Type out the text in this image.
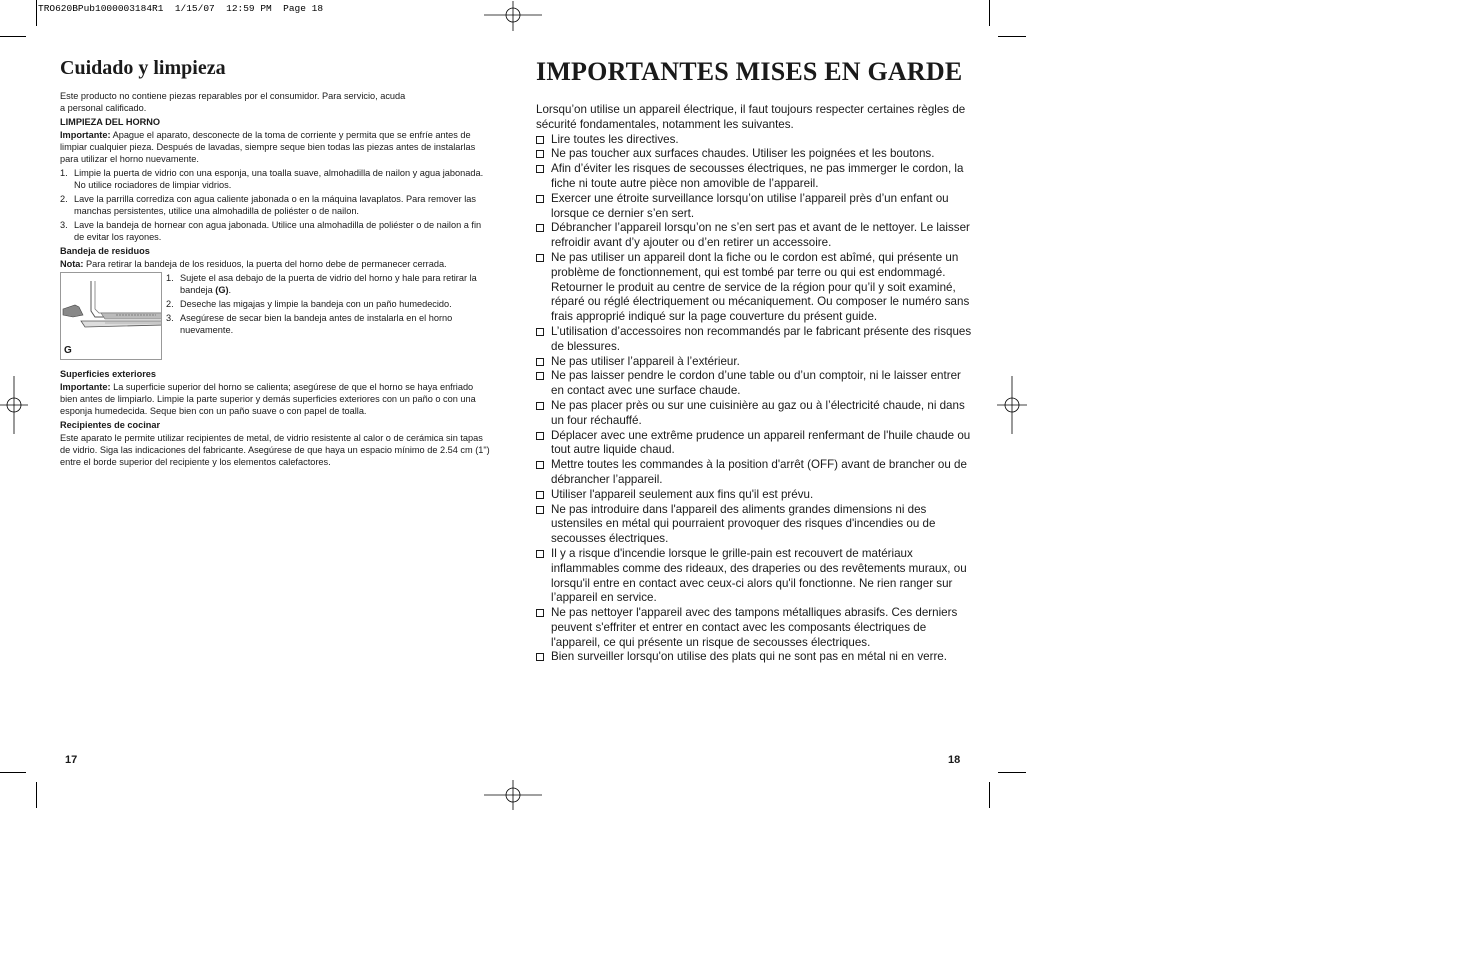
TRO620BPub1000003184R1  1/15/07  12:59 PM  Page 18
Cuidado y limpieza

Este producto no contiene piezas reparables por el consumidor. Para servicio, acuda
a personal calificado.

LIMPIEZA DEL HORNO

Importante: Apague el aparato, desconecte de la toma de corriente y permita que se enfríe antes de limpiar cualquier pieza. Después de lavadas, siempre seque bien todas las piezas antes de instalarlas para utilizar el horno nuevamente.

1. Limpie la puerta de vidrio con una esponja, una toalla suave, almohadilla de nailon y agua jabonada. No utilice rociadores de limpiar vidrios.
2. Lave la parrilla corrediza con agua caliente jabonada o en la máquina lavaplatos. Para remover las manchas persistentes, utilice una almohadilla de poliéster o de nailon.
3. Lave la bandeja de hornear con agua jabonada. Utilice una almohadilla de poliéster o de nailon a fin de evitar los rayones.

Bandeja de residuos

Nota: Para retirar la bandeja de los residuos, la puerta del horno debe de permanecer cerrada.

G
1. Sujete el asa debajo de la puerta de vidrio del horno y hale para retirar la bandeja (G).
2. Deseche las migajas y limpie la bandeja con un paño humedecido.
3. Asegúrese de secar bien la bandeja antes de instalarla en el horno nuevamente.

Superficies exteriores

Importante: La superficie superior del horno se calienta; asegúrese de que el horno se haya enfriado bien antes de limpiarlo. Limpie la parte superior y demás superficies exteriores con un paño o con una esponja humedecida. Seque bien con un paño suave o con papel de toalla.

Recipientes de cocinar

Este aparato le permite utilizar recipientes de metal, de vidrio resistente al calor o de cerámica sin tapas de vidrio. Siga las indicaciones del fabricante. Asegúrese de que haya un espacio mínimo de 2.54 cm (1") entre el borde superior del recipiente y los elementos calefactores.

IMPORTANTES MISES EN GARDE

Lorsqu’on utilise un appareil électrique, il faut toujours respecter certaines règles de sécurité fondamentales, notamment les suivantes.

Lire toutes les directives.
Ne pas toucher aux surfaces chaudes. Utiliser les poignées et les boutons.
Afin d’éviter les risques de secousses électriques, ne pas immerger le cordon, la fiche ni toute autre pièce non amovible de l’appareil.
Exercer une étroite surveillance lorsqu’on utilise l’appareil près d’un enfant ou lorsque ce dernier s’en sert.
Débrancher l’appareil lorsqu’on ne s’en sert pas et avant de le nettoyer. Le laisser refroidir avant d’y ajouter ou d’en retirer un accessoire.
Ne pas utiliser un appareil dont la fiche ou le cordon est abîmé, qui présente un problème de fonctionnement, qui est tombé par terre ou qui est endommagé. Retourner le produit au centre de service de la région pour qu’il y soit examiné, réparé ou réglé électriquement ou mécaniquement. Ou composer le numéro sans frais approprié indiqué sur la page couverture du présent guide.
L’utilisation d’accessoires non recommandés par le fabricant présente des risques de blessures.
Ne pas utiliser l’appareil à l’extérieur.
Ne pas laisser pendre le cordon d’une table ou d’un comptoir, ni le laisser entrer en contact avec une surface chaude.
Ne pas placer près ou sur une cuisinière au gaz ou à l’électricité chaude, ni dans un four réchauffé.
Déplacer avec une extrême prudence un appareil renfermant de l'huile chaude ou tout autre liquide chaud.
Mettre toutes les commandes à la position d'arrêt (OFF) avant de brancher ou de débrancher l’appareil.
Utiliser l'appareil seulement aux fins qu'il est prévu.
Ne pas introduire dans l'appareil des aliments grandes dimensions ni des ustensiles en métal qui pourraient provoquer des risques d'incendies ou de secousses électriques.
Il y a risque d'incendie lorsque le grille-pain est recouvert de matériaux inflammables comme des rideaux, des draperies ou des revêtements muraux, ou lorsqu'il entre en contact avec ceux-ci alors qu'il fonctionne. Ne rien ranger sur l’appareil en service.
Ne pas nettoyer l'appareil avec des tampons métalliques abrasifs. Ces derniers peuvent s'effriter et entrer en contact avec les composants électriques de l'appareil, ce qui présente un risque de secousses électriques.
Bien surveiller lorsqu'on utilise des plats qui ne sont pas en métal ni en verre.
17	18
